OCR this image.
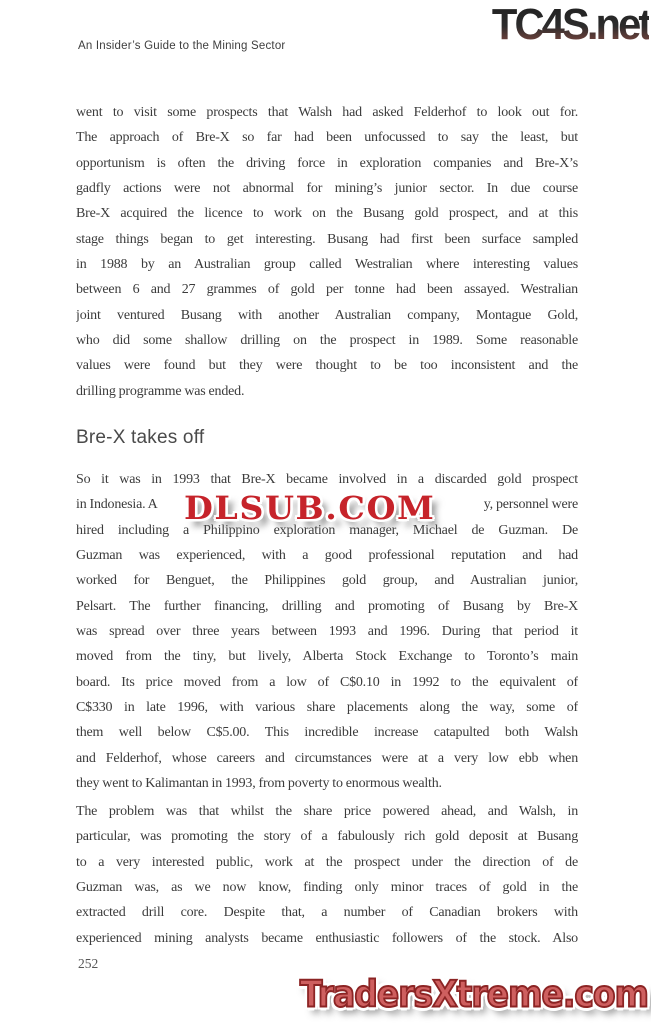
An Insider’s Guide to the Mining Sector	TC4S.net
went to visit some prospects that Walsh had asked Felderhof to look out for.
The approach of Bre-X so far had been unfocussed to say the least, but
opportunism is often the driving force in exploration companies and Bre-X’s
gadfly actions were not abnormal for mining’s junior sector. In due course
Bre-X acquired the licence to work on the Busang gold prospect, and at this
stage things began to get interesting. Busang had first been surface sampled
in 1988 by an Australian group called Westralian where interesting values
between 6 and 27 grammes of gold per tonne had been assayed. Westralian
joint ventured Busang with another Australian company, Montague Gold,
who did some shallow drilling on the prospect in 1989. Some reasonable
values were found but they were thought to be too inconsistent and the
drilling programme was ended.
Bre-X takes off
So it was in 1993 that Bre-X became involved in a discarded gold prospect
in Indonesia. A	y, personnel were
hired including a Philippino exploration manager, Michael de Guzman. De
Guzman was experienced, with a good professional reputation and had
worked for Benguet, the Philippines gold group, and Australian junior,
Pelsart. The further financing, drilling and promoting of Busang by Bre-X
was spread over three years between 1993 and 1996. During that period it
moved from the tiny, but lively, Alberta Stock Exchange to Toronto’s main
board. Its price moved from a low of C$0.10 in 1992 to the equivalent of
C$330 in late 1996, with various share placements along the way, some of
them well below C$5.00. This incredible increase catapulted both Walsh
and Felderhof, whose careers and circumstances were at a very low ebb when
they went to Kalimantan in 1993, from poverty to enormous wealth.
The problem was that whilst the share price powered ahead, and Walsh, in
particular, was promoting the story of a fabulously rich gold deposit at Busang
to a very interested public, work at the prospect under the direction of de
Guzman was, as we now know, finding only minor traces of gold in the
extracted drill core. Despite that, a number of Canadian brokers with
experienced mining analysts became enthusiastic followers of the stock. Also
DLSUB.COM
252
TradersXtreme.com
